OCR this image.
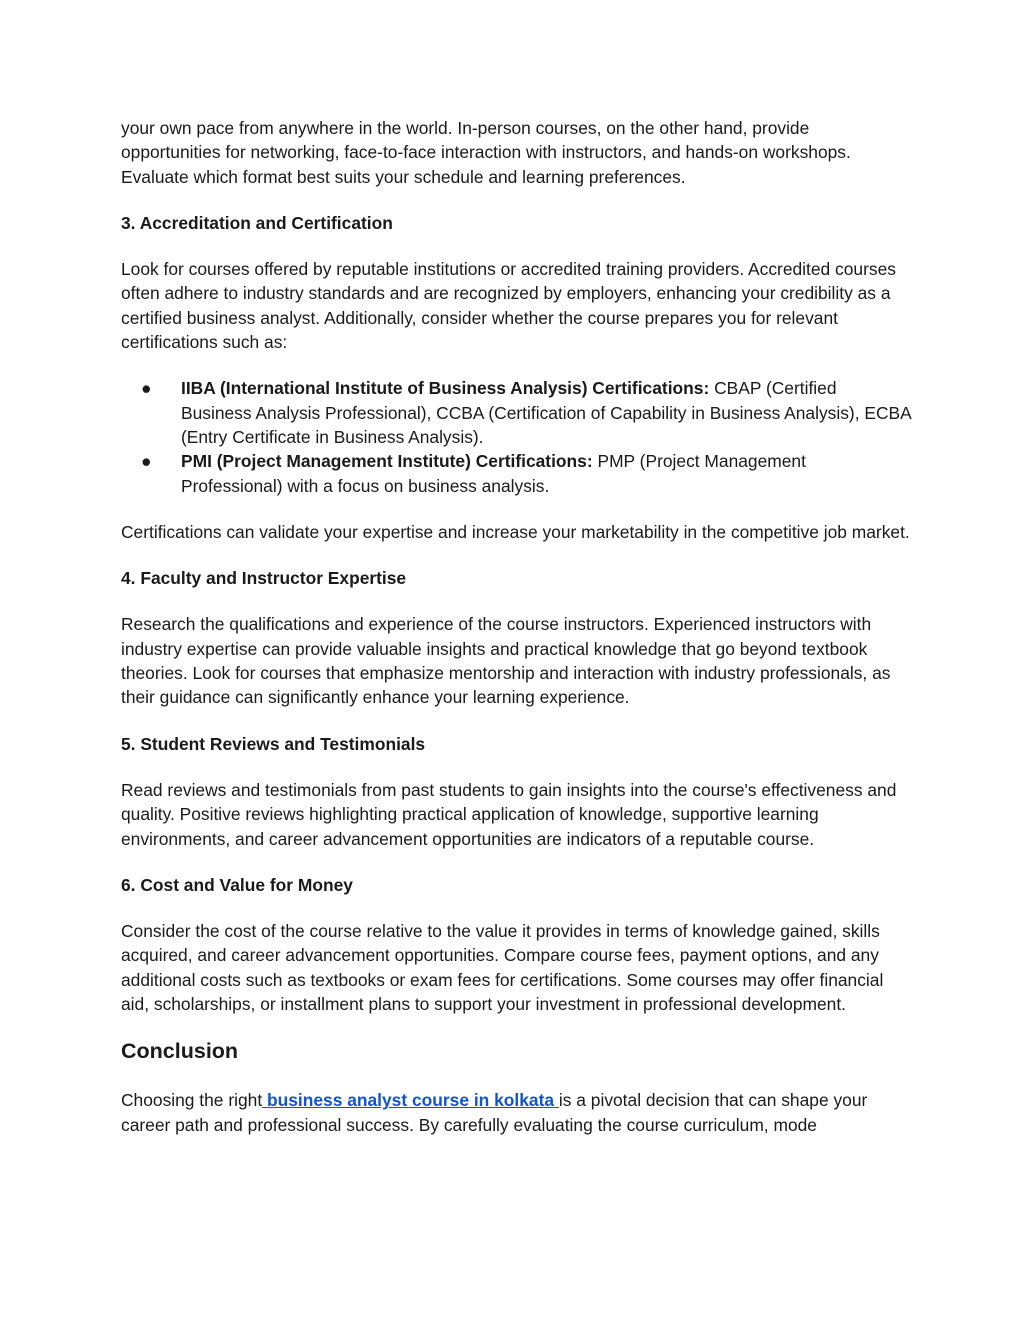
your own pace from anywhere in the world. In-person courses, on the other hand, provide opportunities for networking, face-to-face interaction with instructors, and hands-on workshops. Evaluate which format best suits your schedule and learning preferences.

3. Accreditation and Certification

Look for courses offered by reputable institutions or accredited training providers. Accredited courses often adhere to industry standards and are recognized by employers, enhancing your credibility as a certified business analyst. Additionally, consider whether the course prepares you for relevant certifications such as:

● IIBA (International Institute of Business Analysis) Certifications: CBAP (Certified Business Analysis Professional), CCBA (Certification of Capability in Business Analysis), ECBA (Entry Certificate in Business Analysis).
● PMI (Project Management Institute) Certifications: PMP (Project Management Professional) with a focus on business analysis.

Certifications can validate your expertise and increase your marketability in the competitive job market.

4. Faculty and Instructor Expertise

Research the qualifications and experience of the course instructors. Experienced instructors with industry expertise can provide valuable insights and practical knowledge that go beyond textbook theories. Look for courses that emphasize mentorship and interaction with industry professionals, as their guidance can significantly enhance your learning experience.

5. Student Reviews and Testimonials

Read reviews and testimonials from past students to gain insights into the course's effectiveness and quality. Positive reviews highlighting practical application of knowledge, supportive learning environments, and career advancement opportunities are indicators of a reputable course.

6. Cost and Value for Money

Consider the cost of the course relative to the value it provides in terms of knowledge gained, skills acquired, and career advancement opportunities. Compare course fees, payment options, and any additional costs such as textbooks or exam fees for certifications. Some courses may offer financial aid, scholarships, or installment plans to support your investment in professional development.

Conclusion

Choosing the right business analyst course in kolkata is a pivotal decision that can shape your career path and professional success. By carefully evaluating the course curriculum, mode
